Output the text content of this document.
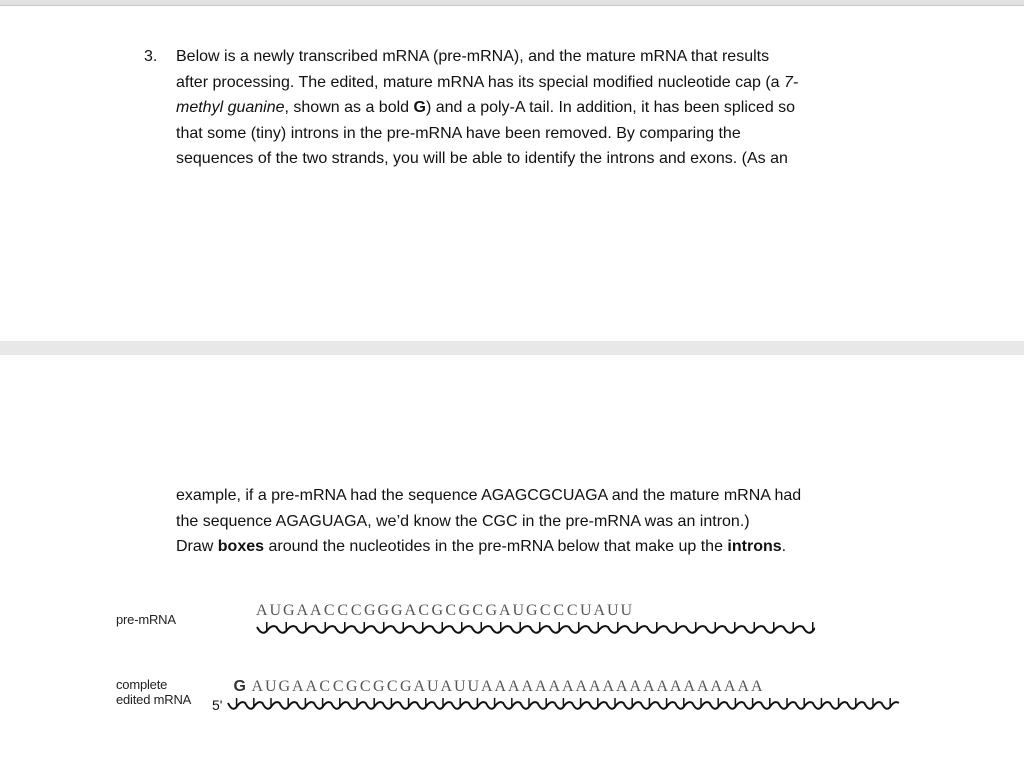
3. Below is a newly transcribed mRNA (pre-mRNA), and the mature mRNA that results

after processing. The edited, mature mRNA has its special modified nucleotide cap (a 7-

methyl guanine, shown as a bold G) and a poly-A tail. In addition, it has been spliced so

that some (tiny) introns in the pre-mRNA have been removed. By comparing the

sequences of the two strands, you will be able to identify the introns and exons. (As an

example, if a pre-mRNA had the sequence AGAGCGCUAGA and the mature mRNA had

the sequence AGAGUAGA, we’d know the CGC in the pre-mRNA was an intron.)

Draw boxes around the nucleotides in the pre-mRNA below that make up the introns.

pre-mRNA
A U G A A C C C G G G A C G C G C G A U G C C C U A U U
complete
edited mRNA 5'
G A U G A A C C G C G C G A U A U U A A A A A A A A A A A A A A A A A A A A A
